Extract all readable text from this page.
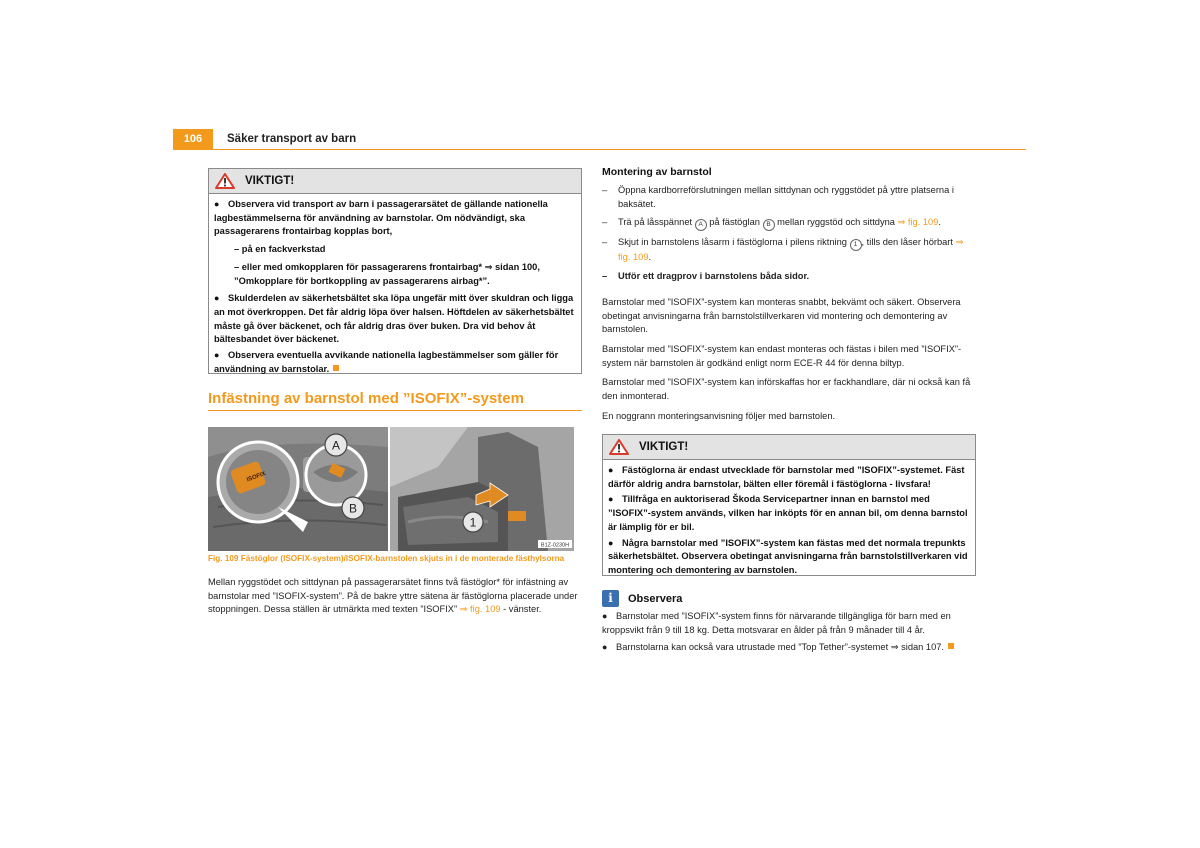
106	Säker transport av barn
VIKTIGT!

● Observera vid transport av barn i passagerarsätet de gällande nationella lagbestämmelserna för användning av barnstolar. Om nödvändigt, ska passagerarens frontairbag kopplas bort,

– på en fackverkstad
– eller med omkopplaren för passagerarens frontairbag* ⇒ sidan 100, ”Omkopplare för bortkoppling av passagerarens airbag*”.

● Skulderdelen av säkerhetsbältet ska löpa ungefär mitt över skuldran och ligga an mot överkroppen. Det får aldrig löpa över halsen. Höftdelen av säkerhetsbältet måste gå över bäckenet, och får aldrig dras över buken. Dra vid behov åt bältesbandet över bäckenet.

● Observera eventuella avvikande nationella lagbestämmelser som gäller för användning av barnstolar.

Infästning av barnstol med ”ISOFIX”-system
ISOFIX
A
B
1
B1Z-0230H
Fig. 109 Fästöglor (ISOFIX-system)/ISOFIX-barnstolen skjuts in i de monterade fästhylsorna
Mellan ryggstödet och sittdynan på passagerarsätet finns två fästöglor* för infästning av barnstolar med ”ISOFIX-system”. På de bakre yttre sätena är fästöglorna placerade under stoppningen. Dessa ställen är utmärkta med texten ”ISOFIX” ⇒ fig. 109 - vänster.
Montering av barnstol
–	Öppna kardborreförslutningen mellan sittdynan och ryggstödet på yttre platserna i baksätet.
–	Trä på låsspännet A på fästöglan B mellan ryggstöd och sittdyna ⇒ fig. 109.
–	Skjut in barnstolens låsarm i fästöglorna i pilens riktning 1 , tills den låser hörbart ⇒ fig. 109.
–	Utför ett dragprov i barnstolens båda sidor.

Barnstolar med ”ISOFIX”-system kan monteras snabbt, bekvämt och säkert. Observera obetingat anvisningarna från barnstolstillverkaren vid montering och demontering av barnstolen.

Barnstolar med ”ISOFIX”-system kan endast monteras och fästas i bilen med ”ISOFIX”-system när barnstolen är godkänd enligt norm ECE-R 44 för denna biltyp.

Barnstolar med ”ISOFIX”-system kan införskaffas hor er fackhandlare, där ni också kan få den inmonterad.

En noggrann monteringsanvisning följer med barnstolen.

VIKTIGT!

● Fästöglorna är endast utvecklade för barnstolar med ”ISOFIX”-systemet. Fäst därför aldrig andra barnstolar, bälten eller föremål i fästöglorna - livsfara!

● Tillfråga en auktoriserad Škoda Servicepartner innan en barnstol med ”ISOFIX”-system används, vilken har inköpts för en annan bil, om denna barnstol är lämplig för er bil.

● Några barnstolar med ”ISOFIX”-system kan fästas med det normala trepunkts säkerhetsbältet. Observera obetingat anvisningarna från barnstolstillverkaren vid montering och demontering av barnstolen.

i	Observera

● Barnstolar med ”ISOFIX”-system finns för närvarande tillgängliga för barn med en kroppsvikt från 9 till 18 kg. Detta motsvarar en ålder på från 9 månader till 4 år.

● Barnstolarna kan också vara utrustade med ”Top Tether”-systemet ⇒ sidan 107.
